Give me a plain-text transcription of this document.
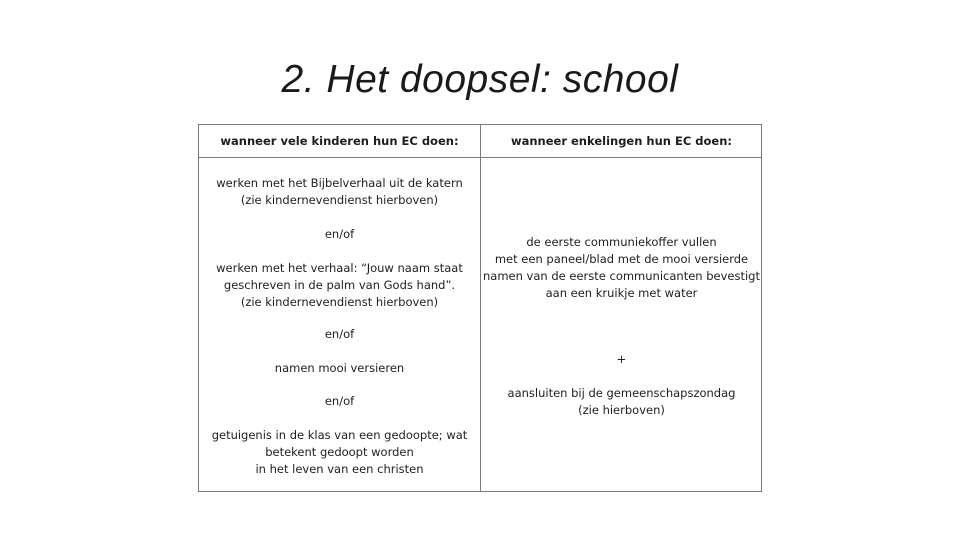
2. Het doopsel: school
wanneer vele kinderen hun EC doen:	wanneer enkelingen hun EC doen:
werken met het Bijbelverhaal uit de katern
(zie kindernevendienst hierboven)
en/of
werken met het verhaal: “Jouw naam staat
geschreven in de palm van Gods hand”.
(zie kindernevendienst hierboven)
en/of
namen mooi versieren
en/of
getuigenis in de klas van een gedoopte; wat
betekent gedoopt worden
in het leven van een christen
de eerste communiekoffer vullen
met een paneel/blad met de mooi versierde
namen van de eerste communicanten bevestigt
aan een kruikje met water
+
aansluiten bij de gemeenschapszondag
(zie hierboven)
